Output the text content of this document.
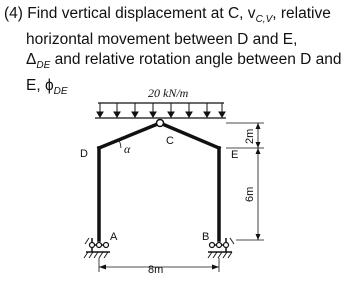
(4) Find vertical displacement at C, $v_{C,V}$, relative
horizontal movement between D and E,
$\Delta_{DE}$ and relative rotation angle between D and
E, $\phi_{DE}$	20 kN/m
C
α
D	E
A	B
8m
2m
6m
